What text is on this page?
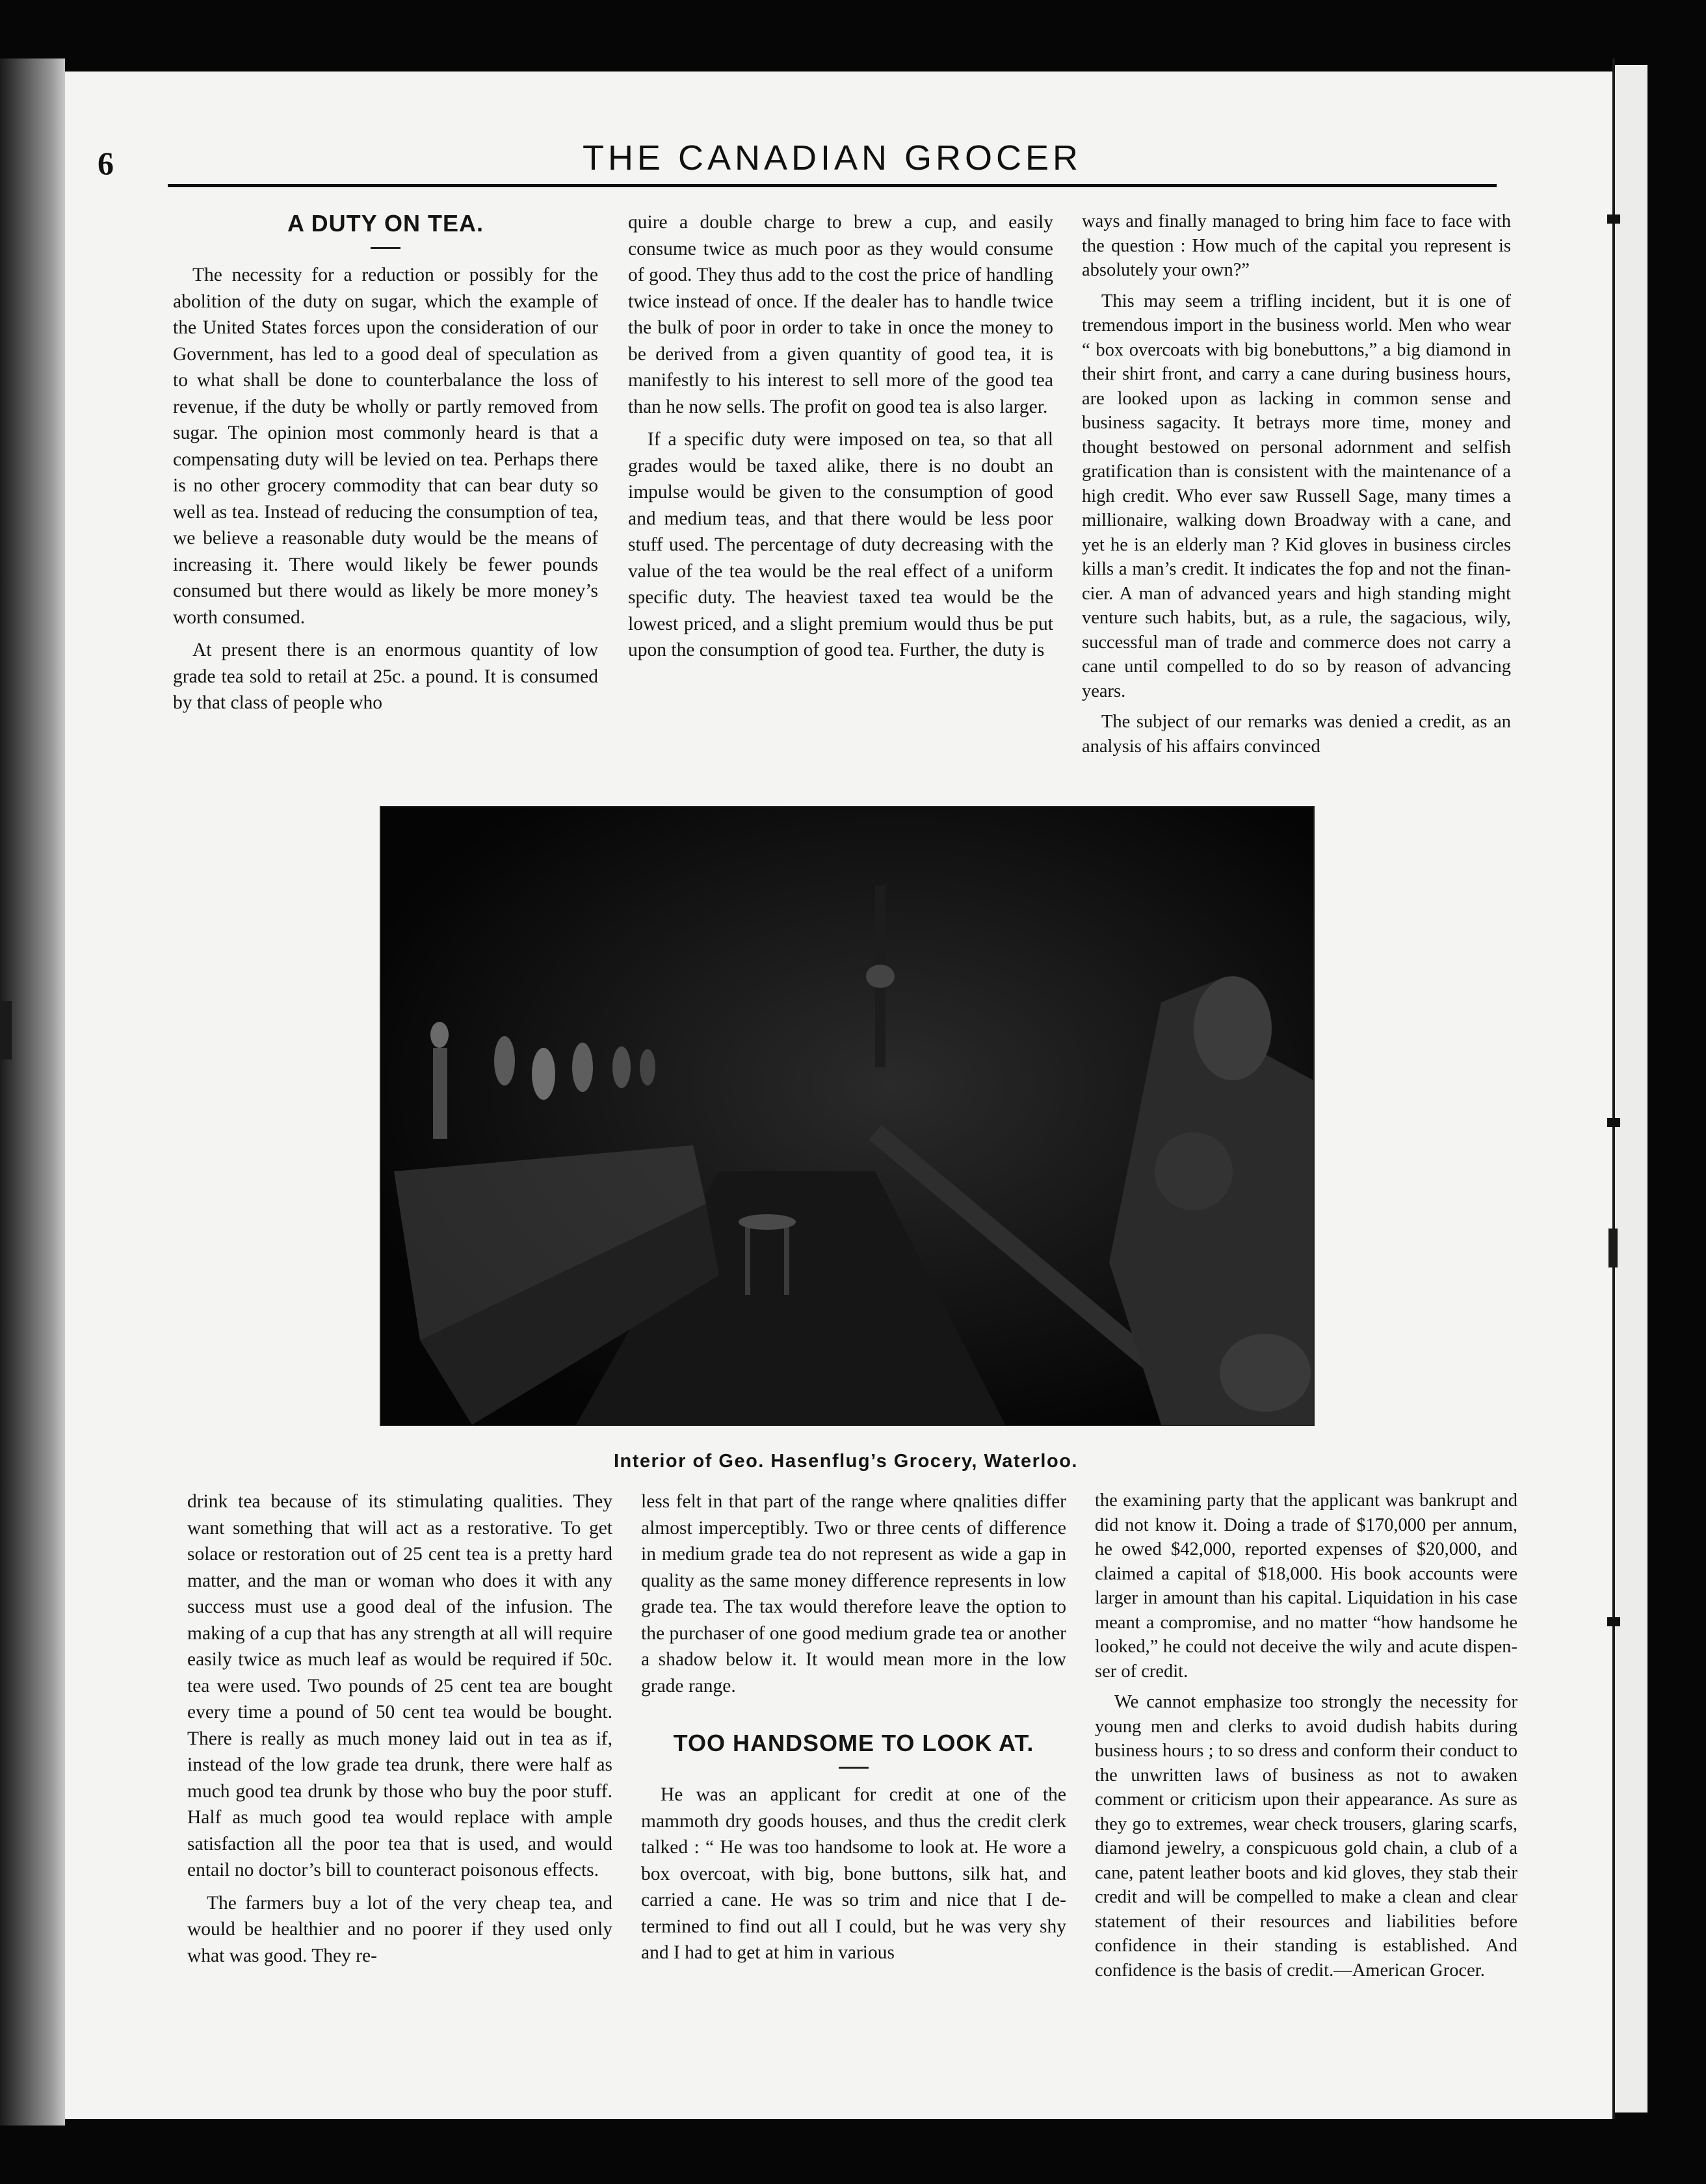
6	THE CANADIAN GROCER
A DUTY ON TEA.

The necessity for a reduction or possibly for the abolition of the duty on sugar, which the example of the United States forces upon the consideration of our Government, has led to a good deal of speculation as to what shall be done to counterbalance the loss of revenue, if the duty be wholly or partly removed from sugar. The opinion most commonly heard is that a compensating duty will be levied on tea. Perhaps there is no other grocery commodity that can bear duty so well as tea. Instead of reducing the consumption of tea, we believe a reasonable duty would be the means of increasing it. There would likely be fewer pounds consumed but there would as likely be more money’s worth consumed.

At present there is an enormous quantity of low grade tea sold to retail at 25c. a pound. It is consumed by that class of people who

quire a double charge to brew a cup, and easily consume twice as much poor as they would consume of good. They thus add to the cost the price of handling twice instead of once. If the dealer has to handle twice the bulk of poor in order to take in once the money to be derived from a given quantity of good tea, it is manifestly to his interest to sell more of the good tea than he now sells. The profit on good tea is also larger.

If a specific duty were imposed on tea, so that all grades would be taxed alike, there is no doubt an impulse would be given to the consumption of good and medium teas, and that there would be less poor stuff used. The percentage of duty decreasing with the value of the tea would be the real effect of a uniform specific duty. The heaviest taxed tea would be the lowest priced, and a slight premium would thus be put upon the consumption of good tea. Further, the duty is

ways and finally managed to bring him face to face with the question : How much of the capital you represent is absolutely your own?”

This may seem a trifling incident, but it is one of tremendous import in the business world. Men who wear “ box overcoats with big bonebuttons,” a big diamond in their shirt front, and carry a cane during business hours, are looked upon as lacking in common sense and business sagacity. It betrays more time, money and thought bestowed on personal adornment and selfish gratification than is consistent with the maintenance of a high credit. Who ever saw Russell Sage, many times a millionaire, walking down Broadway with a cane, and yet he is an elderly man ? Kid gloves in business circles kills a man’s credit. It indicates the fop and not the financier. A man of advanced years and high standing might venture such habits, but, as a rule, the sagacious, wily, successful man of trade and commerce does not carry a cane until compelled to do so by reason of advancing years.

The subject of our remarks was denied a credit, as an analysis of his affairs convinced

Interior of Geo. Hasenflug’s Grocery, Waterloo.

drink tea because of its stimulating qualities. They want something that will act as a restorative. To get solace or restoration out of 25 cent tea is a pretty hard matter, and the man or woman who does it with any success must use a good deal of the infusion. The making of a cup that has any strength at all will require easily twice as much leaf as would be required if 50c. tea were used. Two pounds of 25 cent tea are bought every time a pound of 50 cent tea would be bought. There is really as much money laid out in tea as if, instead of the low grade tea drunk, there were half as much good tea drunk by those who buy the poor stuff. Half as much good tea would replace with ample satisfaction all the poor tea that is used, and would entail no doctor’s bill to counteract poisonous effects.

The farmers buy a lot of the very cheap tea, and would be healthier and no poorer if they used only what was good. They re-

less felt in that part of the range where qnalities differ almost imperceptibly. Two or three cents of difference in medium grade tea do not represent as wide a gap in quality as the same money difference represents in low grade tea. The tax would therefore leave the option to the purchaser of one good medium grade tea or another a shadow below it. It would mean more in the low grade range.

TOO HANDSOME TO LOOK AT.

He was an applicant for credit at one of the mammoth dry goods houses, and thus the credit clerk talked : “ He was too handsome to look at. He wore a box overcoat, with big, bone buttons, silk hat, and carried a cane. He was so trim and nice that I determined to find out all I could, but he was very shy and I had to get at him in various

the examining party that the applicant was bankrupt and did not know it. Doing a trade of $170,000 per annum, he owed $42,000, reported expenses of $20,000, and claimed a capital of $18,000. His book accounts were larger in amount than his capital. Liquidation in his case meant a compromise, and no matter “how handsome he looked,” he could not deceive the wily and acute dispenser of credit.

We cannot emphasize too strongly the necessity for young men and clerks to avoid dudish habits during business hours ; to so dress and conform their conduct to the unwritten laws of business as not to awaken comment or criticism upon their appearance. As sure as they go to extremes, wear check trousers, glaring scarfs, diamond jewelry, a conspicuous gold chain, a club of a cane, patent leather boots and kid gloves, they stab their credit and will be compelled to make a clean and clear statement of their resources and liabilities before confidence in their standing is established. And confidence is the basis of credit.—American Grocer.
